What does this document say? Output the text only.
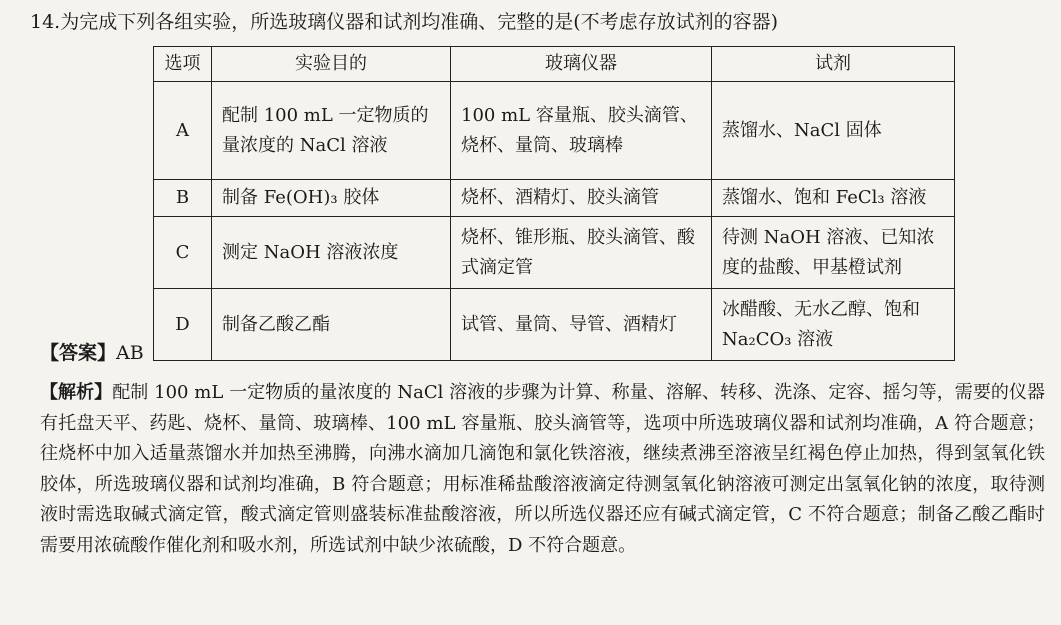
14.为完成下列各组实验，所选玻璃仪器和试剂均准确、完整的是(不考虑存放试剂的容器)
选项	实验目的	玻璃仪器	试剂
A	配制 100 mL 一定物质的量浓度的 NaCl 溶液	100 mL 容量瓶、胶头滴管、烧杯、量筒、玻璃棒	蒸馏水、NaCl 固体
B	制备 Fe(OH)₃ 胶体	烧杯、酒精灯、胶头滴管	蒸馏水、饱和 FeCl₃ 溶液
C	测定 NaOH 溶液浓度	烧杯、锥形瓶、胶头滴管、酸式滴定管	待测 NaOH 溶液、已知浓度的盐酸、甲基橙试剂
D	制备乙酸乙酯	试管、量筒、导管、酒精灯	冰醋酸、无水乙醇、饱和 Na₂CO₃ 溶液
【答案】AB
【解析】配制 100 mL 一定物质的量浓度的 NaCl 溶液的步骤为计算、称量、溶解、转移、洗涤、定容、摇匀等，需要的仪器有托盘天平、药匙、烧杯、量筒、玻璃棒、100 mL 容量瓶、胶头滴管等，选项中所选玻璃仪器和试剂均准确，A 符合题意；往烧杯中加入适量蒸馏水并加热至沸腾，向沸水滴加几滴饱和氯化铁溶液，继续煮沸至溶液呈红褐色停止加热，得到氢氧化铁胶体，所选玻璃仪器和试剂均准确，B 符合题意；用标准稀盐酸溶液滴定待测氢氧化钠溶液可测定出氢氧化钠的浓度，取待测液时需选取碱式滴定管，酸式滴定管则盛装标准盐酸溶液，所以所选仪器还应有碱式滴定管，C 不符合题意；制备乙酸乙酯时需要用浓硫酸作催化剂和吸水剂，所选试剂中缺少浓硫酸，D 不符合题意。
